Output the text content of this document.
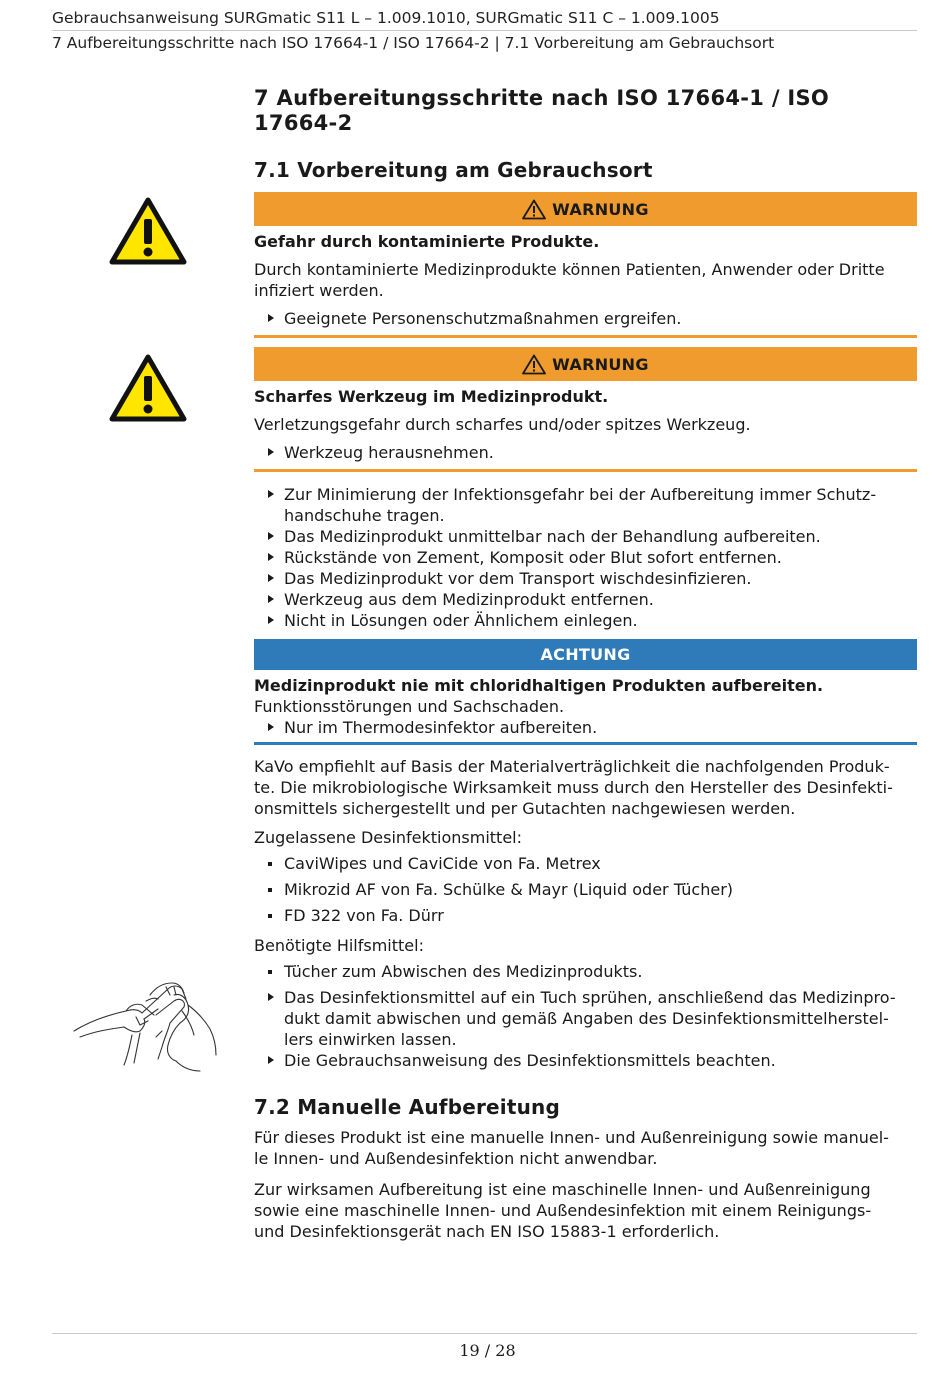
Gebrauchsanweisung SURGmatic S11 L – 1.009.1010, SURGmatic S11 C – 1.009.1005
7 Aufbereitungsschritte nach ISO 17664-1 / ISO 17664-2 | 7.1 Vorbereitung am Gebrauchsort
7 Aufbereitungsschritte nach ISO 17664-1 / ISO
17664-2
7.1 Vorbereitung am Gebrauchsort
WARNUNG

Gefahr durch kontaminierte Produkte.

Durch kontaminierte Medizinprodukte können Patienten, Anwender oder Dritte
infiziert werden.

Geeignete Personenschutzmaßnahmen ergreifen.
WARNUNG

Scharfes Werkzeug im Medizinprodukt.

Verletzungsgefahr durch scharfes und/oder spitzes Werkzeug.

Werkzeug herausnehmen.
Zur Minimierung der Infektionsgefahr bei der Aufbereitung immer Schutz-
handschuhe tragen.
Das Medizinprodukt unmittelbar nach der Behandlung aufbereiten.
Rückstände von Zement, Komposit oder Blut sofort entfernen.
Das Medizinprodukt vor dem Transport wischdesinfizieren.
Werkzeug aus dem Medizinprodukt entfernen.
Nicht in Lösungen oder Ähnlichem einlegen.
ACHTUNG

Medizinprodukt nie mit chloridhaltigen Produkten aufbereiten.

Funktionsstörungen und Sachschaden.

Nur im Thermodesinfektor aufbereiten.

KaVo empfiehlt auf Basis der Materialverträglichkeit die nachfolgenden Produk-
te. Die mikrobiologische Wirksamkeit muss durch den Hersteller des Desinfekti-
onsmittels sichergestellt und per Gutachten nachgewiesen werden.

Zugelassene Desinfektionsmittel:

CaviWipes und CaviCide von Fa. Metrex
Mikrozid AF von Fa. Schülke & Mayr (Liquid oder Tücher)
FD 322 von Fa. Dürr

Benötigte Hilfsmittel:

Tücher zum Abwischen des Medizinprodukts.
Das Desinfektionsmittel auf ein Tuch sprühen, anschließend das Medizinpro-
dukt damit abwischen und gemäß Angaben des Desinfektionsmittelherstel-
lers einwirken lassen.
Die Gebrauchsanweisung des Desinfektionsmittels beachten.
7.2 Manuelle Aufbereitung

Für dieses Produkt ist eine manuelle Innen- und Außenreinigung sowie manuel-
le Innen- und Außendesinfektion nicht anwendbar.

Zur wirksamen Aufbereitung ist eine maschinelle Innen- und Außenreinigung
sowie eine maschinelle Innen- und Außendesinfektion mit einem Reinigungs-
und Desinfektionsgerät nach EN ISO 15883-1 erforderlich.

19 / 28
